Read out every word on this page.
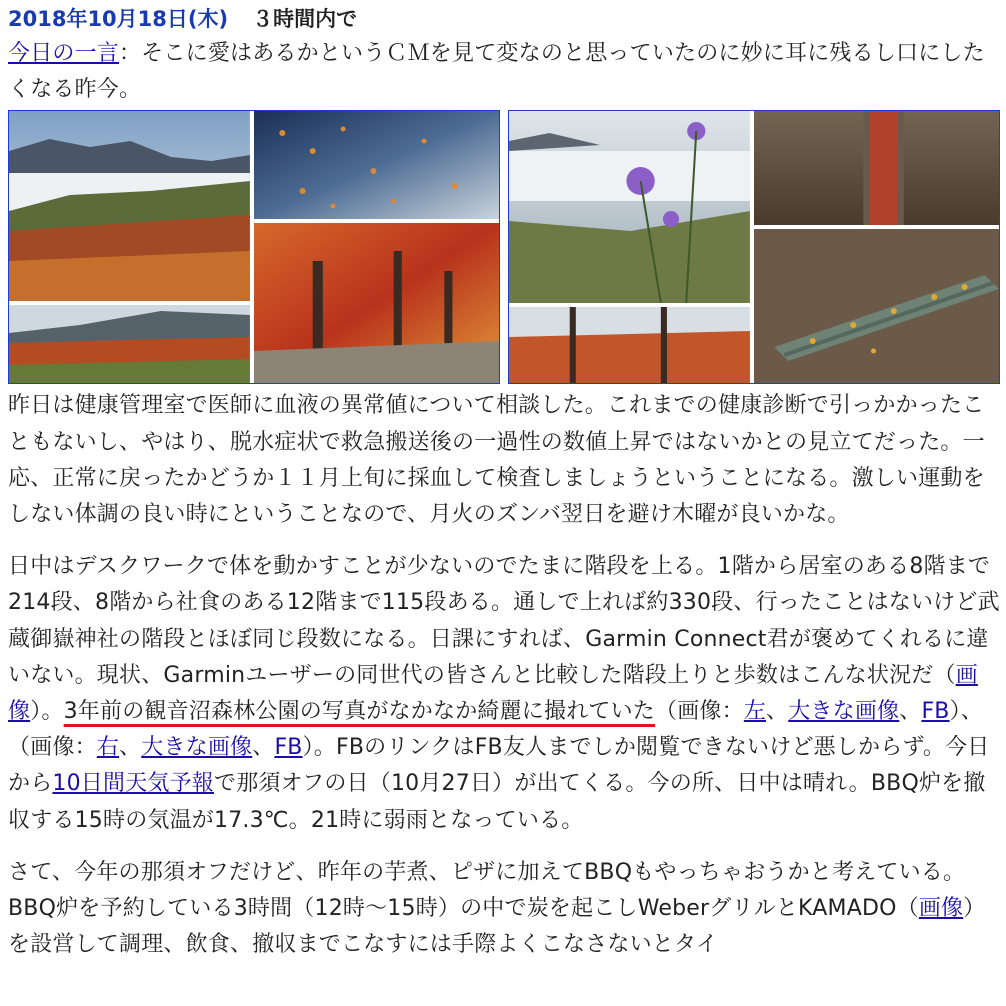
2018年10月18日(木) ３時間内で

今日の一言：そこに愛はあるかというＣＭを見て変なのと思っていたのに妙に耳に残るし口にしたくなる昨今。

昨日は健康管理室で医師に血液の異常値について相談した。これまでの健康診断で引っかかったこともないし、やはり、脱水症状で救急搬送後の一過性の数値上昇ではないかとの見立てだった。一応、正常に戻ったかどうか１１月上旬に採血して検査しましょうということになる。激しい運動をしない体調の良い時にということなので、月火のズンバ翌日を避け木曜が良いかな。

日中はデスクワークで体を動かすことが少ないのでたまに階段を上る。1階から居室のある8階まで214段、8階から社食のある12階まで115段ある。通しで上れば約330段、行ったことはないけど武蔵御嶽神社の階段とほぼ同じ段数になる。日課にすれば、Garmin Connect君が褒めてくれるに違いない。現状、Garminユーザーの同世代の皆さんと比較した階段上りと歩数はこんな状況だ（画像）。3年前の観音沼森林公園の写真がなかなか綺麗に撮れていた（画像：左、大きな画像、FB）、（画像：右、大きな画像、FB）。FBのリンクはFB友人までしか閲覧できないけど悪しからず。今日から10日間天気予報で那須オフの日（10月27日）が出てくる。今の所、日中は晴れ。BBQ炉を撤収する15時の気温が17.3℃。21時に弱雨となっている。

さて、今年の那須オフだけど、昨年の芋煮、ピザに加えてBBQもやっちゃおうかと考えている。BBQ炉を予約している3時間（12時～15時）の中で炭を起こしWeberグリルとKAMADO（画像）を設営して調理、飲食、撤収までこなすには手際よくこなさないとタイ
